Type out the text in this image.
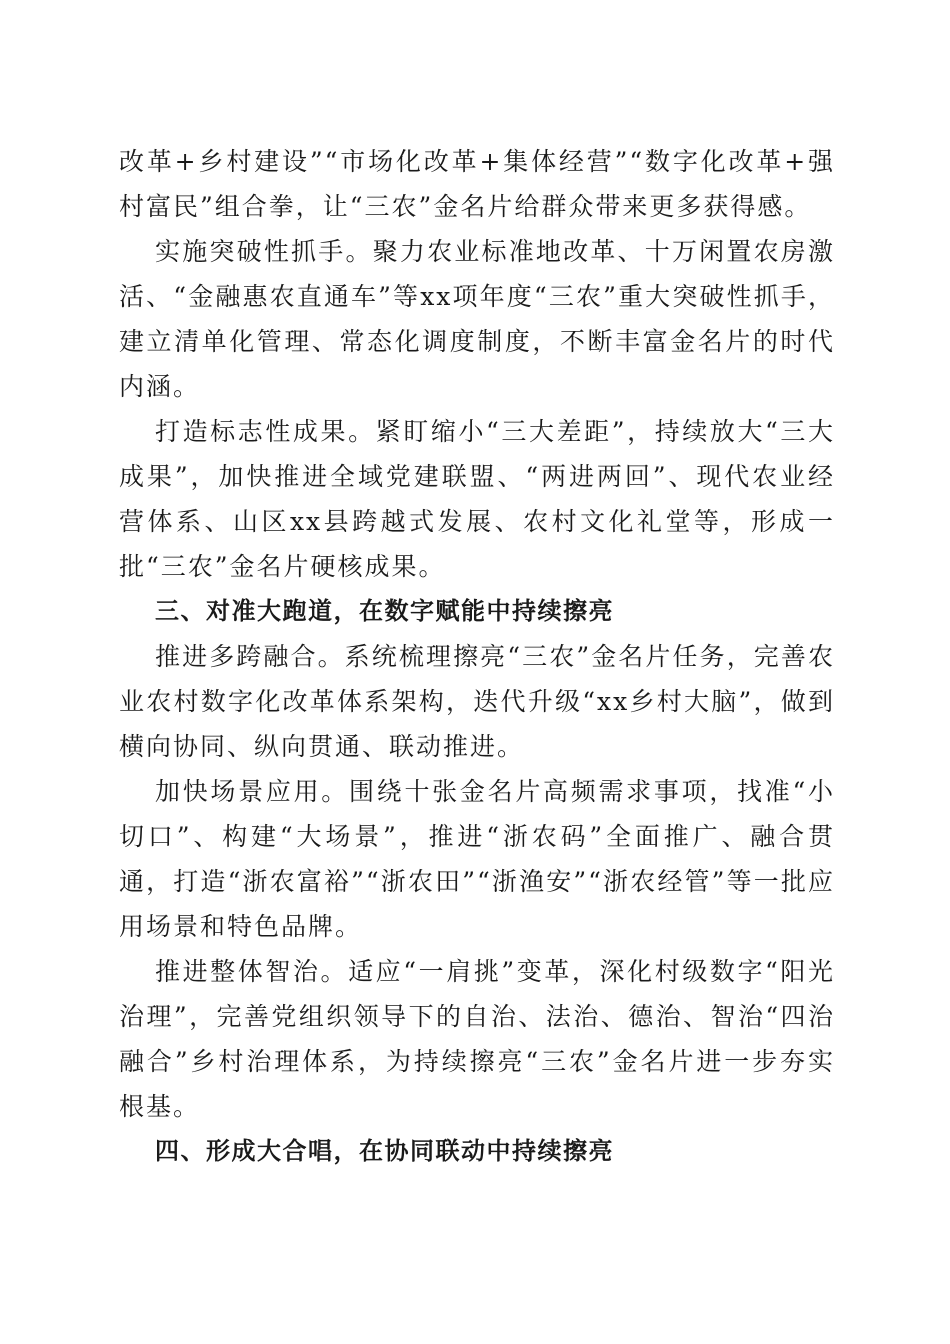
改革+乡村建设”“市场化改革+集体经营”“数字化改革+强村富民”组合拳，让“三农”金名片给群众带来更多获得感。

实施突破性抓手。聚力农业标准地改革、十万闲置农房激活、“金融惠农直通车”等xx项年度“三农”重大突破性抓手，建立清单化管理、常态化调度制度，不断丰富金名片的时代内涵。

打造标志性成果。紧盯缩小“三大差距”，持续放大“三大成果”，加快推进全域党建联盟、“两进两回”、现代农业经营体系、山区xx县跨越式发展、农村文化礼堂等，形成一批“三农”金名片硬核成果。

三、对准大跑道，在数字赋能中持续擦亮

推进多跨融合。系统梳理擦亮“三农”金名片任务，完善农业农村数字化改革体系架构，迭代升级“xx乡村大脑”，做到横向协同、纵向贯通、联动推进。

加快场景应用。围绕十张金名片高频需求事项，找准“小切口”、构建“大场景”，推进“浙农码”全面推广、融合贯通，打造“浙农富裕”“浙农田”“浙渔安”“浙农经管”等一批应用场景和特色品牌。

推进整体智治。适应“一肩挑”变革，深化村级数字“阳光治理”，完善党组织领导下的自治、法治、德治、智治“四治融合”乡村治理体系，为持续擦亮“三农”金名片进一步夯实根基。

四、形成大合唱，在协同联动中持续擦亮
